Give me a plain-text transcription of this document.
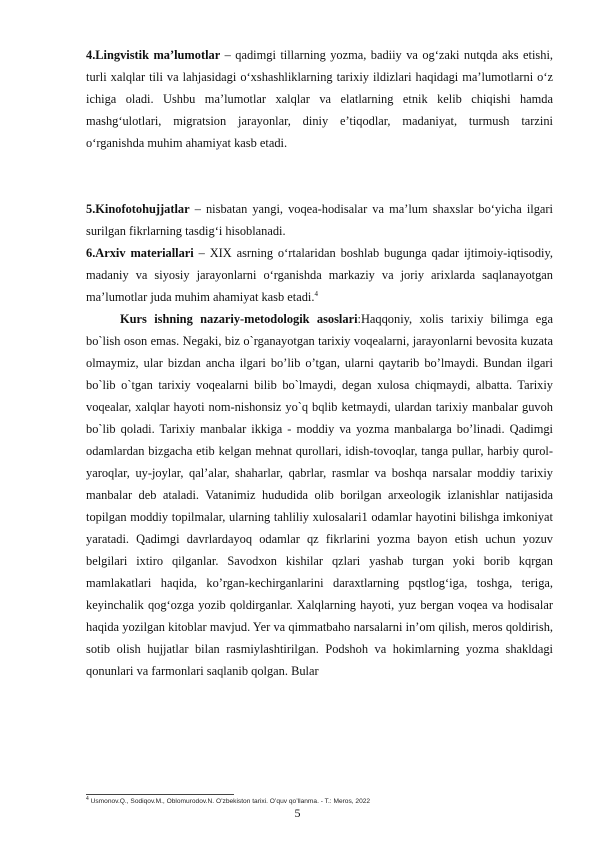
4.Lingvistik ma’lumotlar – qadimgi tillarning yozma, badiiy va og‘zaki nutqda aks etishi, turli xalqlar tili va lahjasidagi o‘xshashliklarning tarixiy ildizlari haqidagi ma’lumotlarni o‘z ichiga oladi. Ushbu ma’lumotlar xalqlar va elatlarning etnik kelib chiqishi hamda mashg‘ulotlari, migratsion jarayonlar, diniy e’tiqodlar, madaniyat, turmush tarzini o‘rganishda muhim ahamiyat kasb etadi.

5.Kinofotohujjatlar – nisbatan yangi, voqea-hodisalar va ma’lum shaxslar bo‘yicha ilgari surilgan fikrlarning tasdig‘i hisoblanadi.

6.Arxiv materiallari – XIX asrning o‘rtalaridan boshlab bugunga qadar ijtimoiy-iqtisodiy, madaniy va siyosiy jarayonlarni o‘rganishda markaziy va joriy arixlarda saqlanayotgan ma’lumotlar juda muhim ahamiyat kasb etadi.$^4$

Kurs ishning nazariy-metodologik asoslari:Haqqoniy, xolis tarixiy bilimga ega bo`lish oson emas. Negaki, biz o`rganayotgan tarixiy voqealarni, jarayonlarni bevosita kuzata olmaymiz, ular bizdan ancha ilgari bo’lib o’tgan, ularni qaytarib bo’lmaydi. Bundan ilgari bo`lib o`tgan tarixiy voqealarni bilib bo`lmaydi, degan xulosa chiqmaydi, albatta. Tarixiy voqealar, xalqlar hayoti nom-nishonsiz yo`q bqlib ketmaydi, ulardan tarixiy manbalar guvoh bo`lib qoladi. Tarixiy manbalar ikkiga - moddiy va yozma manbalarga bo’linadi. Qadimgi odamlardan bizgacha etib kelgan mehnat qurollari, idish-tovoqlar, tanga pullar, harbiy qurol-yaroqlar, uy-joylar, qal’alar, shaharlar, qabrlar, rasmlar va boshqa narsalar moddiy tarixiy manbalar deb ataladi. Vatanimiz hududida olib borilgan arxeologik izlanishlar natijasida topilgan moddiy topilmalar, ularning tahliliy xulosalari1 odamlar hayotini bilishga imkoniyat yaratadi. Qadimgi davrlardayoq odamlar qz fikrlarini yozma bayon etish uchun yozuv belgilari ixtiro qilganlar. Savodxon kishilar qzlari yashab turgan yoki borib kqrgan mamlakatlari haqida, ko’rgan-kechirganlarini daraxtlarning pqstlog‘iga, toshga, teriga, keyinchalik qog‘ozga yozib qoldirganlar. Xalqlarning hayoti, yuz bergan voqea va hodisalar haqida yozilgan kitoblar mavjud. Yer va qimmatbaho narsalarni in’om qilish, meros qoldirish, sotib olish hujjatlar bilan rasmiylashtirilgan. Podshoh va hokimlarning yozma shakldagi qonunlari va farmonlari saqlanib qolgan. Bular

$^4$ Usmonov.Q., Sodiqov.M., Oblomurodov.N. O’zbekiston tarixi. O’quv qo’llanma. - T.: Meros, 2022
5
